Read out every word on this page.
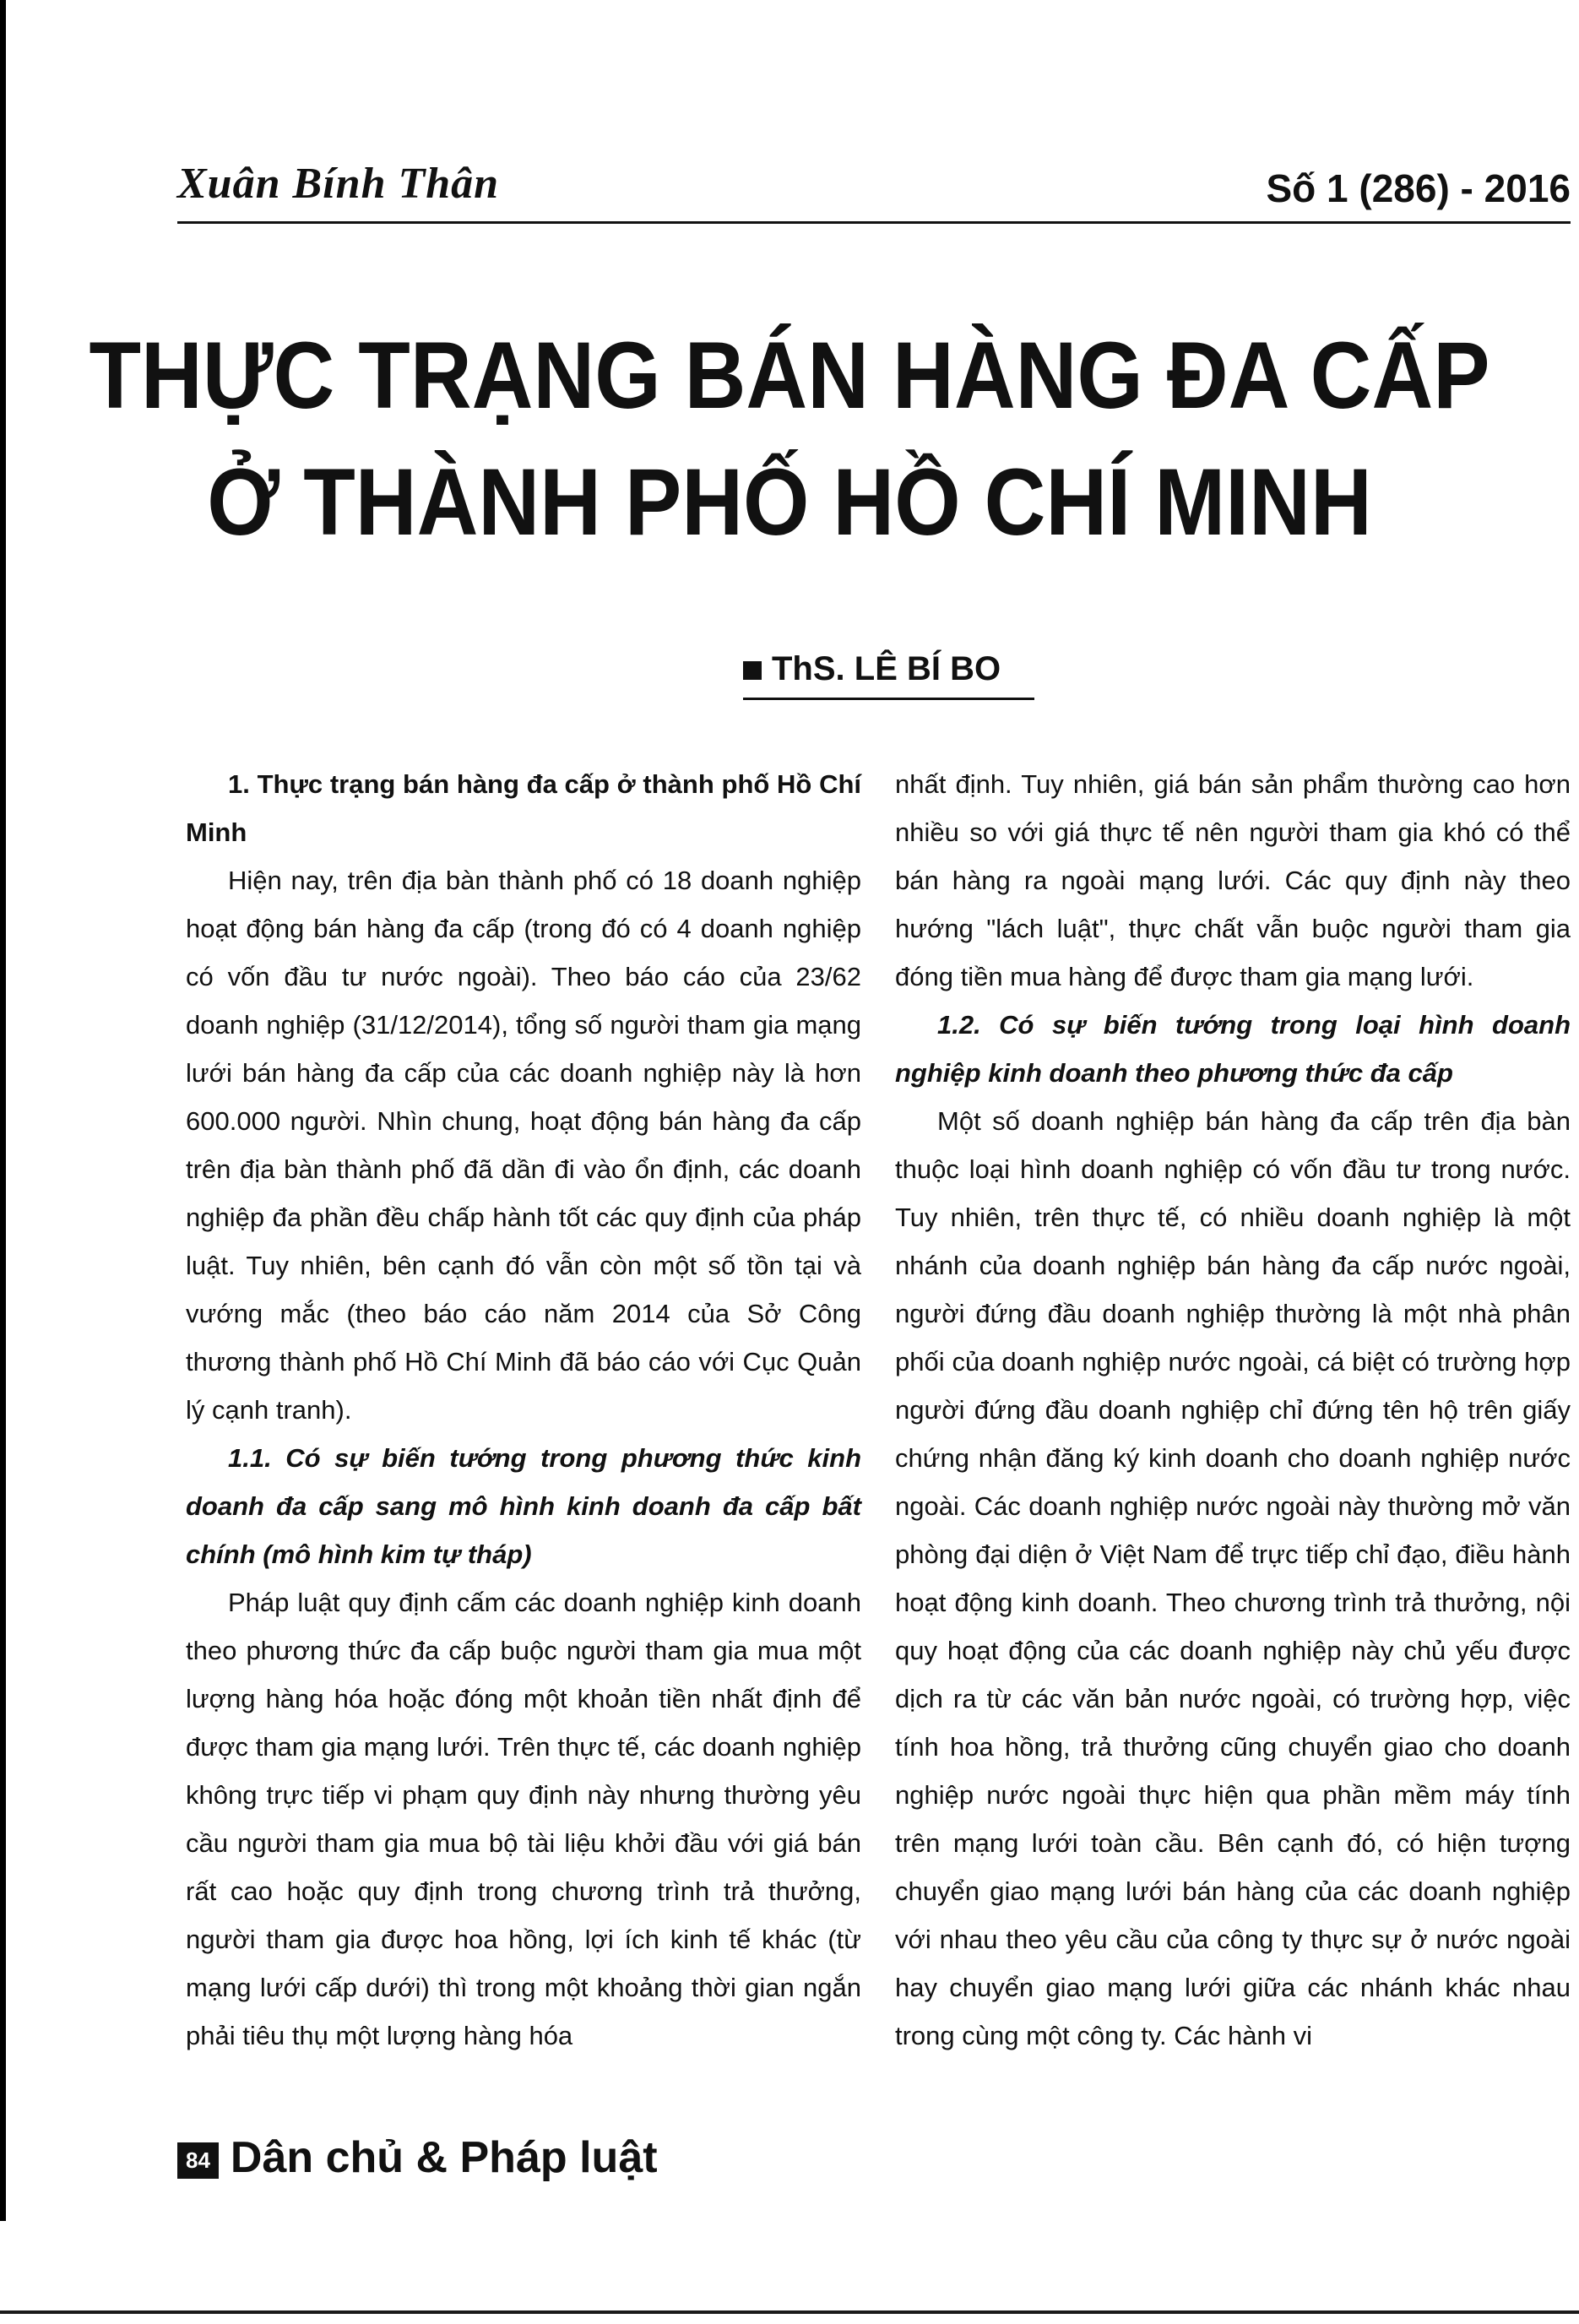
Xuân Bính Thân	Số 1 (286) - 2016
THỰC TRẠNG BÁN HÀNG ĐA CẤP
Ở THÀNH PHỐ HỒ CHÍ MINH
ThS. LÊ BÍ BO

1. Thực trạng bán hàng đa cấp ở thành phố Hồ Chí Minh

Hiện nay, trên địa bàn thành phố có 18 doanh nghiệp hoạt động bán hàng đa cấp (trong đó có 4 doanh nghiệp có vốn đầu tư nước ngoài). Theo báo cáo của 23/62 doanh nghiệp (31/12/2014), tổng số người tham gia mạng lưới bán hàng đa cấp của các doanh nghiệp này là hơn 600.000 người. Nhìn chung, hoạt động bán hàng đa cấp trên địa bàn thành phố đã dần đi vào ổn định, các doanh nghiệp đa phần đều chấp hành tốt các quy định của pháp luật. Tuy nhiên, bên cạnh đó vẫn còn một số tồn tại và vướng mắc (theo báo cáo năm 2014 của Sở Công thương thành phố Hồ Chí Minh đã báo cáo với Cục Quản lý cạnh tranh).

1.1. Có sự biến tướng trong phương thức kinh doanh đa cấp sang mô hình kinh doanh đa cấp bất chính (mô hình kim tự tháp)

Pháp luật quy định cấm các doanh nghiệp kinh doanh theo phương thức đa cấp buộc người tham gia mua một lượng hàng hóa hoặc đóng một khoản tiền nhất định để được tham gia mạng lưới. Trên thực tế, các doanh nghiệp không trực tiếp vi phạm quy định này nhưng thường yêu cầu người tham gia mua bộ tài liệu khởi đầu với giá bán rất cao hoặc quy định trong chương trình trả thưởng, người tham gia được hoa hồng, lợi ích kinh tế khác (từ mạng lưới cấp dưới) thì trong một khoảng thời gian ngắn phải tiêu thụ một lượng hàng hóa

nhất định. Tuy nhiên, giá bán sản phẩm thường cao hơn nhiều so với giá thực tế nên người tham gia khó có thể bán hàng ra ngoài mạng lưới. Các quy định này theo hướng "lách luật", thực chất vẫn buộc người tham gia đóng tiền mua hàng để được tham gia mạng lưới.

1.2. Có sự biến tướng trong loại hình doanh nghiệp kinh doanh theo phương thức đa cấp

Một số doanh nghiệp bán hàng đa cấp trên địa bàn thuộc loại hình doanh nghiệp có vốn đầu tư trong nước. Tuy nhiên, trên thực tế, có nhiều doanh nghiệp là một nhánh của doanh nghiệp bán hàng đa cấp nước ngoài, người đứng đầu doanh nghiệp thường là một nhà phân phối của doanh nghiệp nước ngoài, cá biệt có trường hợp người đứng đầu doanh nghiệp chỉ đứng tên hộ trên giấy chứng nhận đăng ký kinh doanh cho doanh nghiệp nước ngoài. Các doanh nghiệp nước ngoài này thường mở văn phòng đại diện ở Việt Nam để trực tiếp chỉ đạo, điều hành hoạt động kinh doanh. Theo chương trình trả thưởng, nội quy hoạt động của các doanh nghiệp này chủ yếu được dịch ra từ các văn bản nước ngoài, có trường hợp, việc tính hoa hồng, trả thưởng cũng chuyển giao cho doanh nghiệp nước ngoài thực hiện qua phần mềm máy tính trên mạng lưới toàn cầu. Bên cạnh đó, có hiện tượng chuyển giao mạng lưới bán hàng của các doanh nghiệp với nhau theo yêu cầu của công ty thực sự ở nước ngoài hay chuyển giao mạng lưới giữa các nhánh khác nhau trong cùng một công ty. Các hành vi

84 Dân chủ & Pháp luật
